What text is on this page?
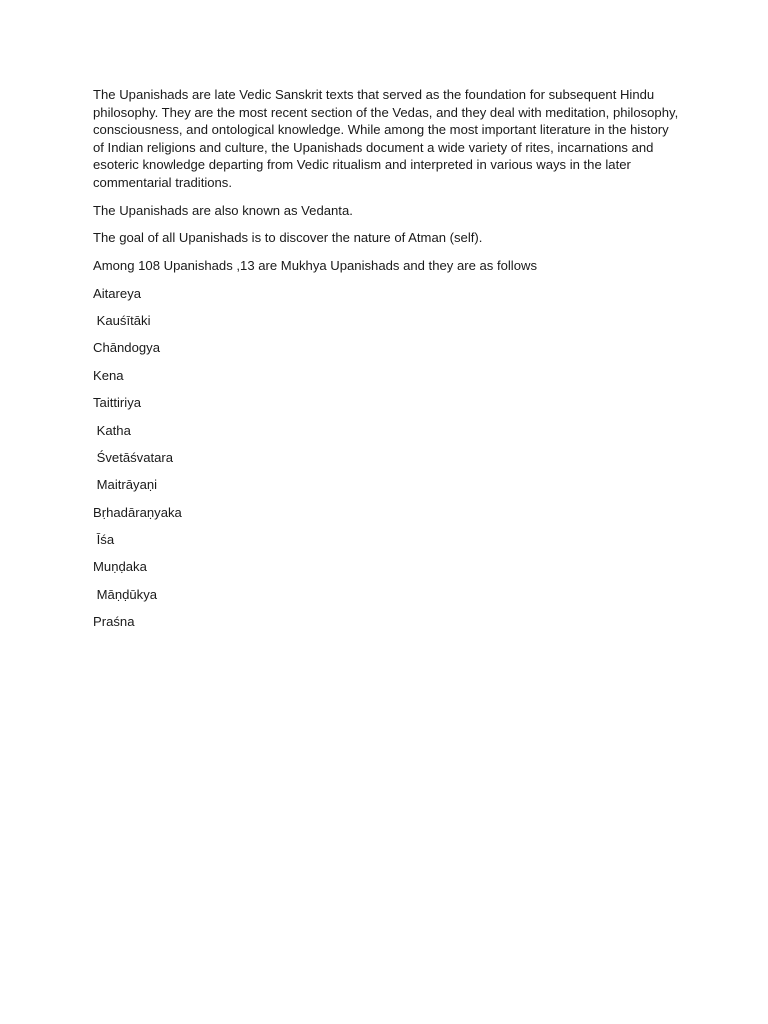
The Upanishads are late Vedic Sanskrit texts that served as the foundation for subsequent Hindu philosophy. They are the most recent section of the Vedas, and they deal with meditation, philosophy, consciousness, and ontological knowledge. While among the most important literature in the history of Indian religions and culture, the Upanishads document a wide variety of rites, incarnations and esoteric knowledge departing from Vedic ritualism and interpreted in various ways in the later commentarial traditions.

The Upanishads are also known as Vedanta.

The goal of all Upanishads is to discover the nature of Atman (self).

Among 108 Upanishads ,13 are Mukhya Upanishads and they are as follows

Aitareya
Kauśītāki
Chāndogya
Kena
Taittiriya
Katha
Śvetāśvatara
Maitrāyaṇi
Bṛhadāraṇyaka
Īśa
Muṇḍaka
Māṇḍūkya
Praśna
